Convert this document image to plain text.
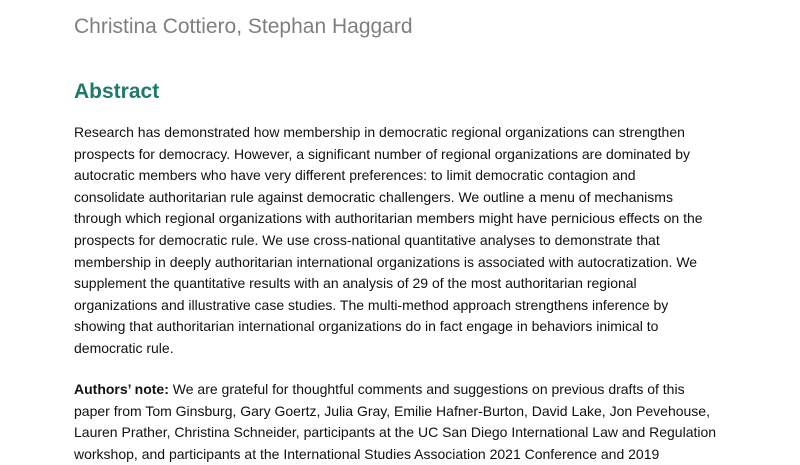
Christina Cottiero, Stephan Haggard
Abstract
Research has demonstrated how membership in democratic regional organizations can strengthen
prospects for democracy. However, a significant number of regional organizations are dominated by
autocratic members who have very different preferences: to limit democratic contagion and
consolidate authoritarian rule against democratic challengers. We outline a menu of mechanisms
through which regional organizations with authoritarian members might have pernicious effects on the
prospects for democratic rule. We use cross-national quantitative analyses to demonstrate that
membership in deeply authoritarian international organizations is associated with autocratization. We
supplement the quantitative results with an analysis of 29 of the most authoritarian regional
organizations and illustrative case studies. The multi-method approach strengthens inference by
showing that authoritarian international organizations do in fact engage in behaviors inimical to
democratic rule.
Authors’ note: We are grateful for thoughtful comments and suggestions on previous drafts of this
paper from Tom Ginsburg, Gary Goertz, Julia Gray, Emilie Hafner-Burton, David Lake, Jon Pevehouse,
Lauren Prather, Christina Schneider, participants at the UC San Diego International Law and Regulation
workshop, and participants at the International Studies Association 2021 Conference and 2019
